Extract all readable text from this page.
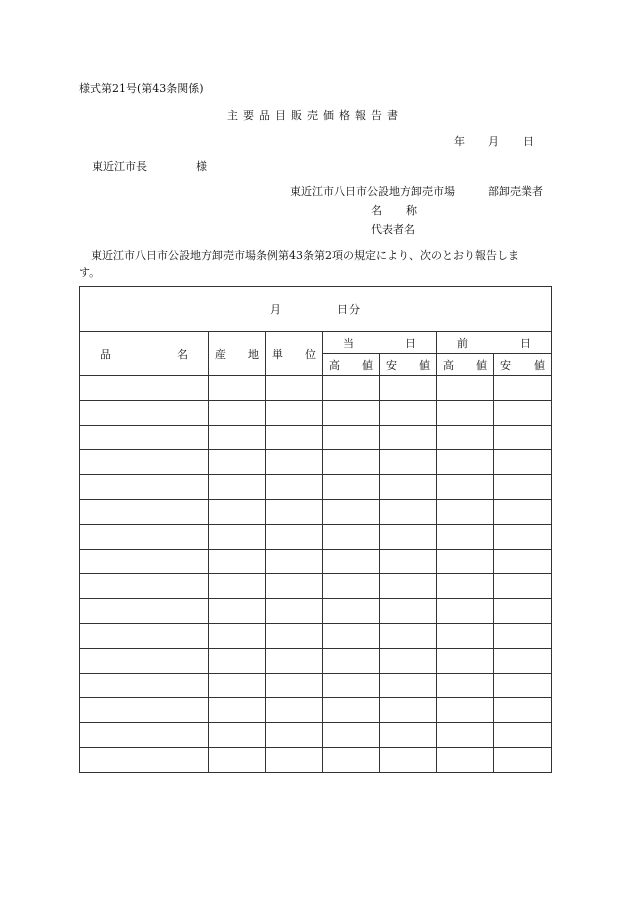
様式第21号(第43条関係)
主要品目販売価格報告書
年 月 日
東近江市長	様
東近江市八日市公設地方卸売市場	部卸売業者
名 称
代表者名
東近江市八日市公設地方卸売市場条例第43条第2項の規定により、次のとおり報告しま
す。
月 日分						

品 名	産 地	単 位	当 日		前 日	

			高 値	安 値	高 値	安 値
